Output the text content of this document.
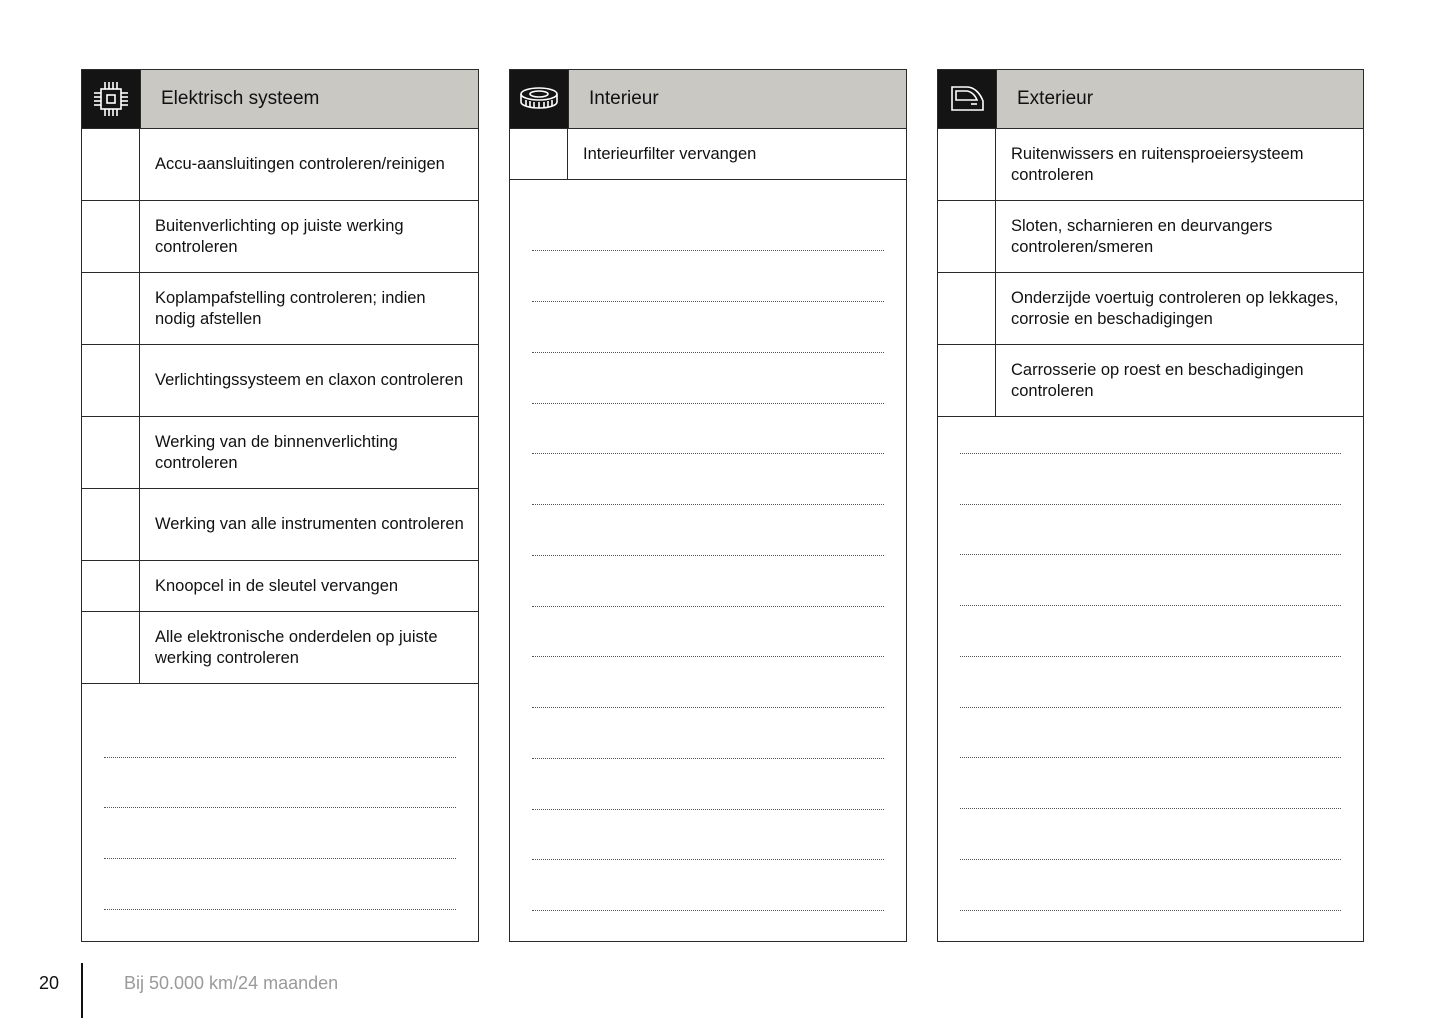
Elektrisch systeem
Accu-aansluitingen controleren/reinigen
Buitenverlichting op juiste werking controleren
Koplampafstelling controleren; indien nodig afstellen
Verlichtingssysteem en claxon controleren
Werking van de binnenverlichting controleren
Werking van alle instrumenten controleren
Knoopcel in de sleutel vervangen
Alle elektronische onderdelen op juiste werking controleren
Interieur
Interieurfilter vervangen
Exterieur
Ruitenwissers en ruitensproeiersysteem controleren
Sloten, scharnieren en deurvangers controleren/smeren
Onderzijde voertuig controleren op lekkages, corrosie en beschadigingen
Carrosserie op roest en beschadigingen controleren
20	Bij 50.000 km/24 maanden
